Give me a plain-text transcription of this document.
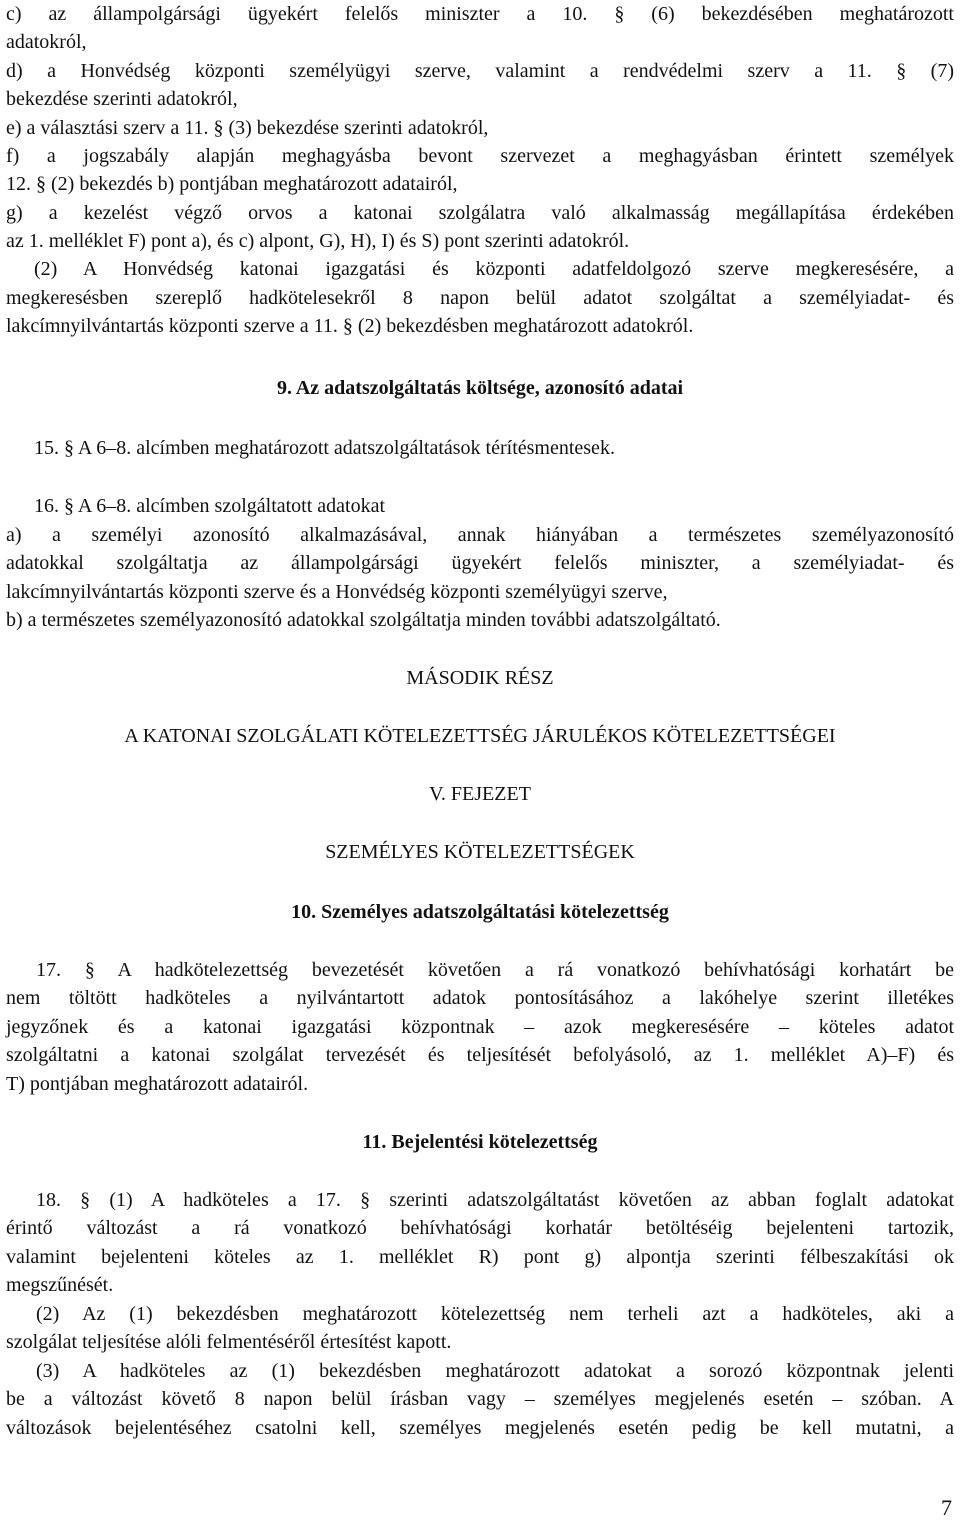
c) az állampolgársági ügyekért felelős miniszter a 10. § (6) bekezdésében meghatározott
adatokról,
d) a Honvédség központi személyügyi szerve, valamint a rendvédelmi szerv a 11. § (7)
bekezdése szerinti adatokról,
e) a választási szerv a 11. § (3) bekezdése szerinti adatokról,
f) a jogszabály alapján meghagyásba bevont szervezet a meghagyásban érintett személyek
12. § (2) bekezdés b) pontjában meghatározott adatairól,
g) a kezelést végző orvos a katonai szolgálatra való alkalmasság megállapítása érdekében
az 1. melléklet F) pont a), és c) alpont, G), H), I) és S) pont szerinti adatokról.
(2) A Honvédség katonai igazgatási és központi adatfeldolgozó szerve megkeresésére, a
megkeresésben szereplő hadkötelesekről 8 napon belül adatot szolgáltat a személyiadat- és
lakcímnyilvántartás központi szerve a 11. § (2) bekezdésben meghatározott adatokról.
9. Az adatszolgáltatás költsége, azonosító adatai
15. § A 6–8. alcímben meghatározott adatszolgáltatások térítésmentesek.
16. § A 6–8. alcímben szolgáltatott adatokat
a) a személyi azonosító alkalmazásával, annak hiányában a természetes személyazonosító
adatokkal szolgáltatja az állampolgársági ügyekért felelős miniszter, a személyiadat- és
lakcímnyilvántartás központi szerve és a Honvédség központi személyügyi szerve,
b) a természetes személyazonosító adatokkal szolgáltatja minden további adatszolgáltató.
MÁSODIK RÉSZ
A KATONAI SZOLGÁLATI KÖTELEZETTSÉG JÁRULÉKOS KÖTELEZETTSÉGEI
V. FEJEZET
SZEMÉLYES KÖTELEZETTSÉGEK
10. Személyes adatszolgáltatási kötelezettség
17. § A hadkötelezettség bevezetését követően a rá vonatkozó behívhatósági korhatárt be
nem töltött hadköteles a nyilvántartott adatok pontosításához a lakóhelye szerint illetékes
jegyzőnek és a katonai igazgatási központnak – azok megkeresésére – köteles adatot
szolgáltatni a katonai szolgálat tervezését és teljesítését befolyásoló, az 1. melléklet A)–F) és
T) pontjában meghatározott adatairól.
11. Bejelentési kötelezettség
18. § (1) A hadköteles a 17. § szerinti adatszolgáltatást követően az abban foglalt adatokat
érintő változást a rá vonatkozó behívhatósági korhatár betöltéséig bejelenteni tartozik,
valamint bejelenteni köteles az 1. melléklet R) pont g) alpontja szerinti félbeszakítási ok
megszűnését.
(2) Az (1) bekezdésben meghatározott kötelezettség nem terheli azt a hadköteles, aki a
szolgálat teljesítése alóli felmentéséről értesítést kapott.
(3) A hadköteles az (1) bekezdésben meghatározott adatokat a sorozó központnak jelenti
be a változást követő 8 napon belül írásban vagy – személyes megjelenés esetén – szóban. A
változások bejelentéséhez csatolni kell, személyes megjelenés esetén pedig be kell mutatni, a
7
